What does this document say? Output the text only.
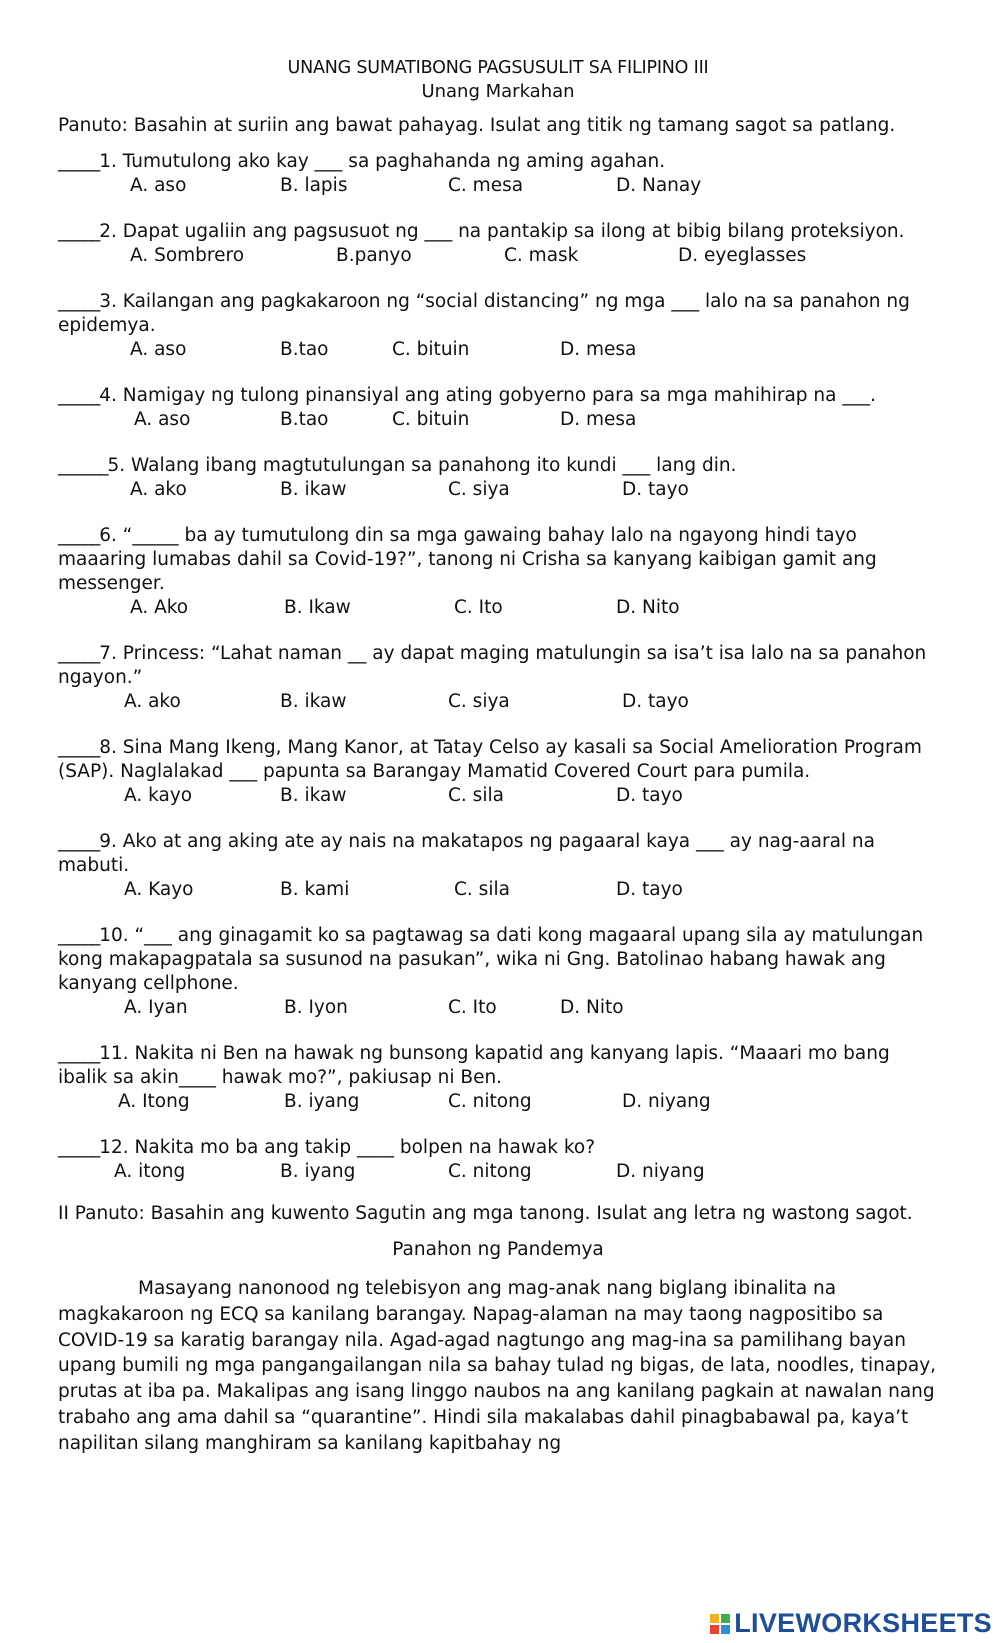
UNANG SUMATIBONG PAGSUSULIT SA FILIPINO III
Unang Markahan
Panuto: Basahin at suriin ang bawat pahayag. Isulat ang titik ng tamang sagot sa patlang.
_____1. Tumutulong ako kay ___ sa paghahanda ng aming agahan.
A. aso	B. lapis	C. mesa	D. Nanay
_____2. Dapat ugaliin ang pagsusuot ng ___ na pantakip sa ilong at bibig bilang proteksiyon.
A. Sombrero	B.panyo	C. mask	D. eyeglasses
_____3. Kailangan ang pagkakaroon ng “social distancing” ng mga ___ lalo na sa panahon ng epidemya.
A. aso	B.tao	C. bituin	D. mesa
_____4. Namigay ng tulong pinansiyal ang ating gobyerno para sa mga mahihirap na ___.
A. aso	B.tao	C. bituin	D. mesa
______5. Walang ibang magtutulungan sa panahong ito kundi ___ lang din.
A. ako	B. ikaw	C. siya	D. tayo
_____6. “_____ ba ay tumutulong din sa mga gawaing bahay lalo na ngayong hindi tayo maaaring lumabas dahil sa Covid-19?”, tanong ni Crisha sa kanyang kaibigan gamit ang messenger.
A. Ako	B. Ikaw	C. Ito	D. Nito
_____7. Princess: “Lahat naman __ ay dapat maging matulungin sa isa’t isa lalo na sa panahon ngayon.”
A. ako	B. ikaw	C. siya	D. tayo
_____8. Sina Mang Ikeng, Mang Kanor, at Tatay Celso ay kasali sa Social Amelioration Program (SAP). Naglalakad ___ papunta sa Barangay Mamatid Covered Court para pumila.
A. kayo	B. ikaw	C. sila	D. tayo
_____9. Ako at ang aking ate ay nais na makatapos ng pagaaral kaya ___ ay nag-aaral na mabuti.
A. Kayo	B. kami	C. sila	D. tayo
_____10. “___ ang ginagamit ko sa pagtawag sa dati kong magaaral upang sila ay matulungan kong makapagpatala sa susunod na pasukan”, wika ni Gng. Batolinao habang hawak ang kanyang cellphone.
A. Iyan	B. Iyon	C. Ito	D. Nito
_____11. Nakita ni Ben na hawak ng bunsong kapatid ang kanyang lapis. “Maaari mo bang ibalik sa akin____ hawak mo?”, pakiusap ni Ben.
A. Itong	B. iyang	C. nitong	D. niyang
_____12. Nakita mo ba ang takip ____ bolpen na hawak ko?
A. itong	B. iyang	C. nitong	D. niyang
II Panuto: Basahin ang kuwento Sagutin ang mga tanong. Isulat ang letra ng wastong sagot.
Panahon ng Pandemya
Masayang nanonood ng telebisyon ang mag-anak nang biglang ibinalita na magkakaroon ng ECQ sa kanilang barangay. Napag-alaman na may taong nagpositibo sa COVID-19 sa karatig barangay nila. Agad-agad nagtungo ang mag-ina sa pamilihang bayan upang bumili ng mga pangangailangan nila sa bahay tulad ng bigas, de lata, noodles, tinapay, prutas at iba pa. Makalipas ang isang linggo naubos na ang kanilang pagkain at nawalan nang trabaho ang ama dahil sa “quarantine”. Hindi sila makalabas dahil pinagbabawal pa, kaya’t napilitan silang manghiram sa kanilang kapitbahay ng
LIVEWORKSHEETS
